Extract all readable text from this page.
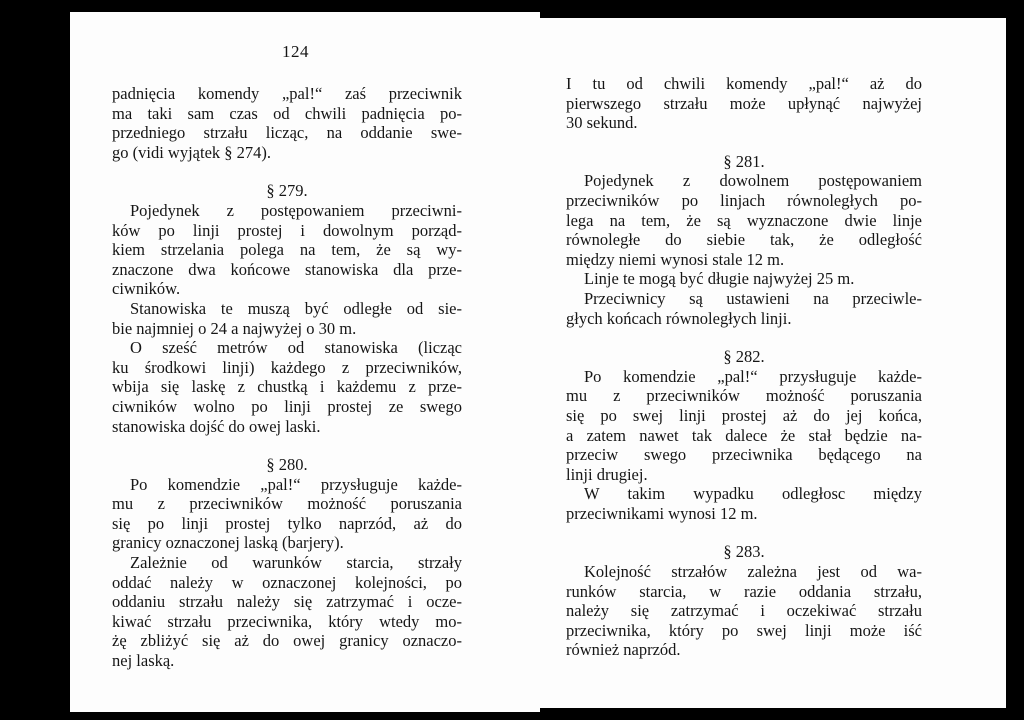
124
padnięcia komendy „pal!“ zaś przeciwnik
ma taki sam czas od chwili padnięcia po-
przedniego strzału licząc, na oddanie swe-
go (vidi wyjątek § 274).
§ 279.
Pojedynek z postępowaniem przeciwni-
ków po linji prostej i dowolnym porząd-
kiem strzelania polega na tem, że są wy-
znaczone dwa końcowe stanowiska dla prze-
ciwników.
Stanowiska te muszą być odległe od sie-
bie najmniej o 24 a najwyżej o 30 m.
O sześć metrów od stanowiska (licząc
ku środkowi linji) każdego z przeciwników,
wbija się laskę z chustką i każdemu z prze-
ciwników wolno po linji prostej ze swego
stanowiska dojść do owej laski.
§ 280.
Po komendzie „pal!“ przysługuje każde-
mu z przeciwników możność poruszania
się po linji prostej tylko naprzód, aż do
granicy oznaczonej laską (barjery).
Zależnie od warunków starcia, strzały
oddać należy w oznaczonej kolejności, po
oddaniu strzału należy się zatrzymać i ocze-
kiwać strzału przeciwnika, który wtedy mo-
żę zbliżyć się aż do owej granicy oznaczo-
nej laską.
I tu od chwili komendy „pal!“ aż do
pierwszego strzału może upłynąć najwyżej
30 sekund.
§ 281.
Pojedynek z dowolnem postępowaniem
przeciwników po linjach równoległych po-
lega na tem, że są wyznaczone dwie linje
równoległe do siebie tak, że odległość
między niemi wynosi stale 12 m.
Linje te mogą być długie najwyżej 25 m.
Przeciwnicy są ustawieni na przeciwle-
głych końcach równoległych linji.
§ 282.
Po komendzie „pal!“ przysługuje każde-
mu z przeciwników możność poruszania
się po swej linji prostej aż do jej końca,
a zatem nawet tak dalece że stał będzie na-
przeciw swego przeciwnika będącego na
linji drugiej.
W takim wypadku odległosc między
przeciwnikami wynosi 12 m.
§ 283.
Kolejność strzałów zależna jest od wa-
runków starcia, w razie oddania strzału,
należy się zatrzymać i oczekiwać strzału
przeciwnika, który po swej linji może iść
również naprzód.
